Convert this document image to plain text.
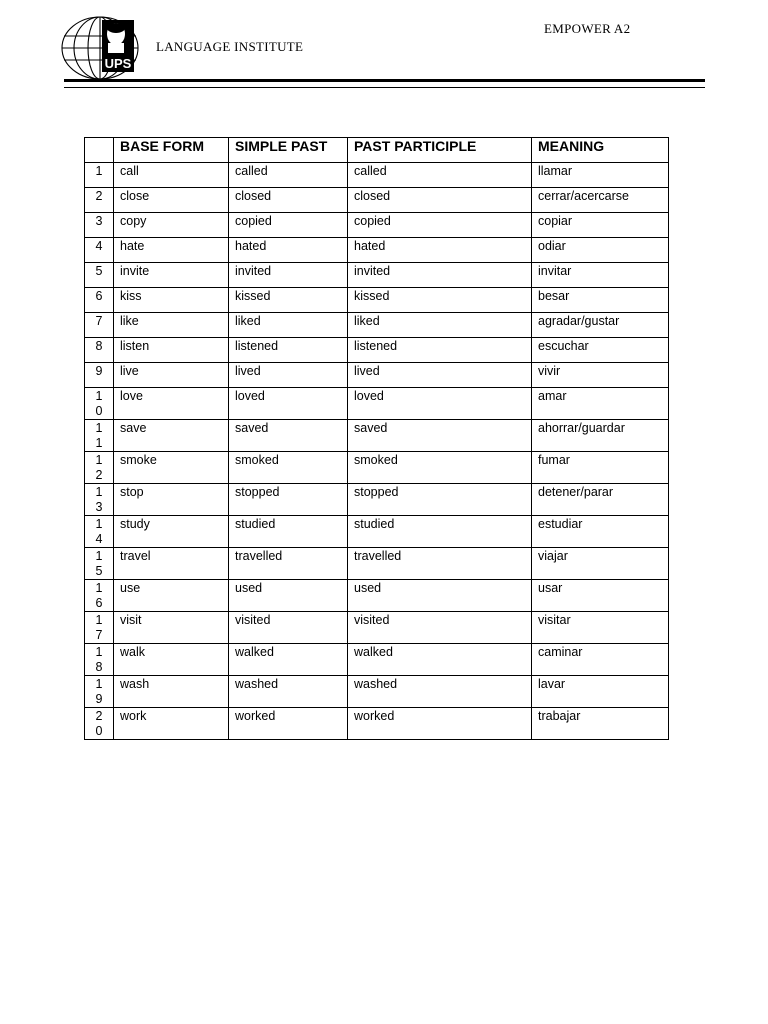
UPS
LANGUAGE INSTITUTE
EMPOWER A2
	BASE FORM	SIMPLE PAST	PAST PARTICIPLE	MEANING
1	call	called	called	llamar
2	close	closed	closed	cerrar/acercarse
3	copy	copied	copied	copiar
4	hate	hated	hated	odiar
5	invite	invited	invited	invitar
6	kiss	kissed	kissed	besar
7	like	liked	liked	agradar/gustar
8	listen	listened	listened	escuchar
9	live	lived	lived	vivir
10	love	loved	loved	amar
11	save	saved	saved	ahorrar/guardar
12	smoke	smoked	smoked	fumar
13	stop	stopped	stopped	detener/parar
14	study	studied	studied	estudiar
15	travel	travelled	travelled	viajar
16	use	used	used	usar
17	visit	visited	visited	visitar
18	walk	walked	walked	caminar
19	wash	washed	washed	lavar
20	work	worked	worked	trabajar
